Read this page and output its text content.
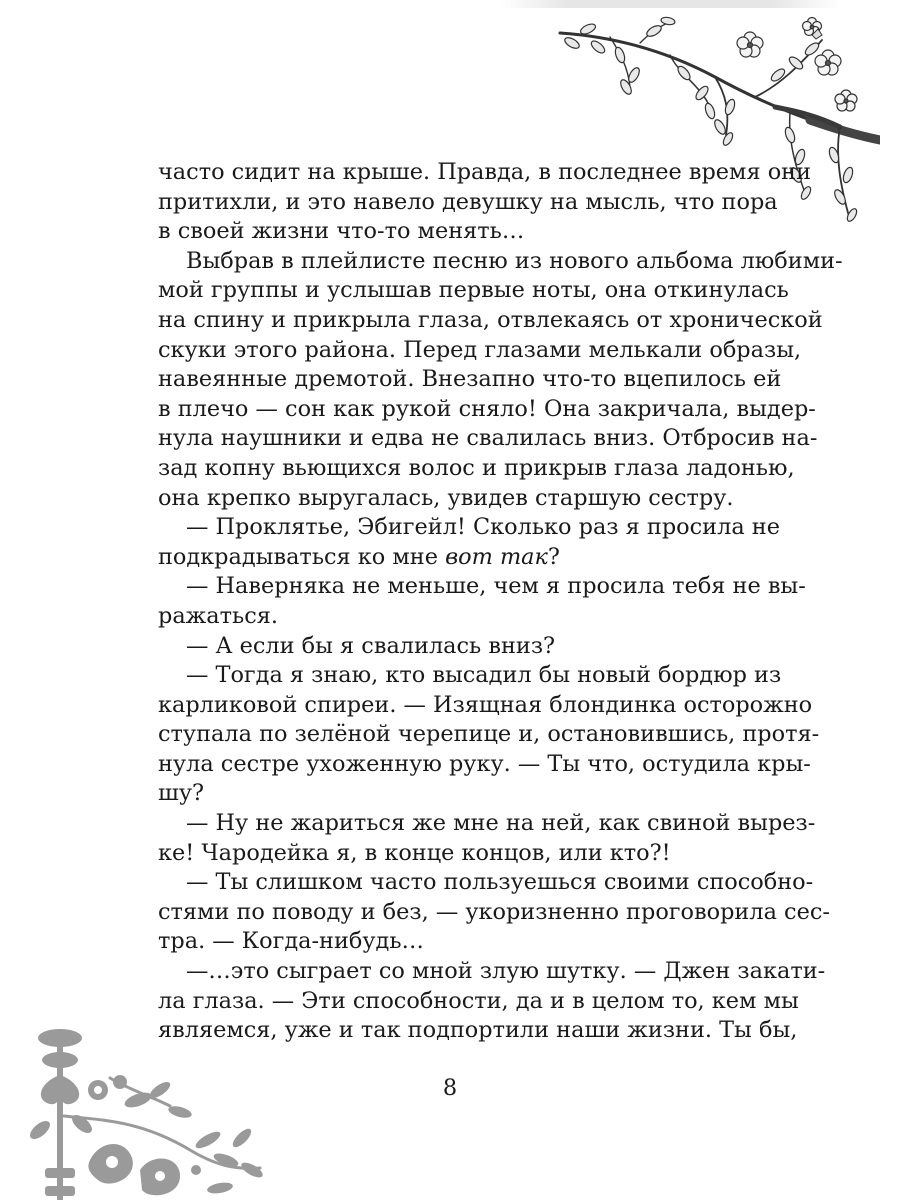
часто сидит на крыше. Правда, в последнее время они
притихли, и это навело девушку на мысль, что пора
в своей жизни что-то менять…
Выбрав в плейлисте песню из нового альбома любими-
мой группы и услышав первые ноты, она откинулась
на спину и прикрыла глаза, отвлекаясь от хронической
скуки этого района. Перед глазами мелькали образы,
навеянные дремотой. Внезапно что-то вцепилось ей
в плечо — сон как рукой сняло! Она закричала, выдер-
нула наушники и едва не свалилась вниз. Отбросив на-
зад копну вьющихся волос и прикрыв глаза ладонью,
она крепко выругалась, увидев старшую сестру.
— Проклятье, Эбигейл! Сколько раз я просила не
подкрадываться ко мне вот так?
— Наверняка не меньше, чем я просила тебя не вы-
ражаться.
— А если бы я свалилась вниз?
— Тогда я знаю, кто высадил бы новый бордюр из
карликовой спиреи. — Изящная блондинка осторожно
ступала по зелёной черепице и, остановившись, протя-
нула сестре ухоженную руку. — Ты что, остудила кры-
шу?
— Ну не жариться же мне на ней, как свиной вырез-
ке! Чародейка я, в конце концов, или кто?!
— Ты слишком часто пользуешься своими способно-
стями по поводу и без, — укоризненно проговорила сес-
тра. — Когда-нибудь…
—…это сыграет со мной злую шутку. — Джен закати-
ла глаза. — Эти способности, да и в целом то, кем мы
являемся, уже и так подпортили наши жизни. Ты бы,
8
